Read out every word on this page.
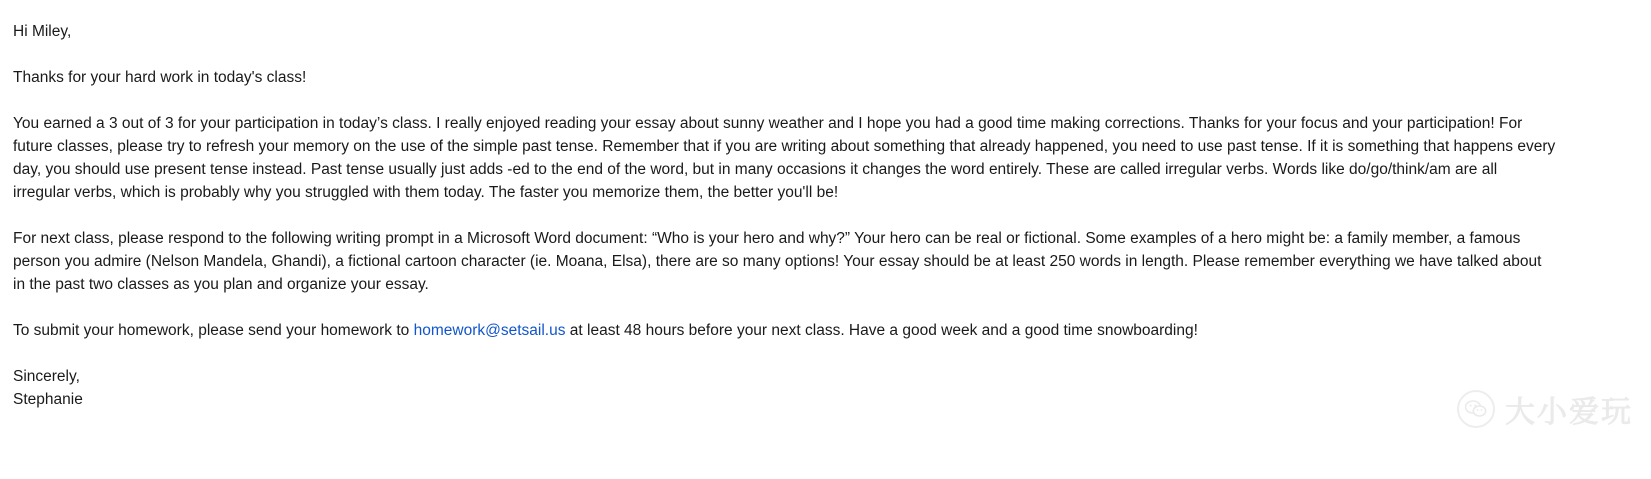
Hi Miley,

Thanks for your hard work in today's class!

You earned a 3 out of 3 for your participation in today’s class. I really enjoyed reading your essay about sunny weather and I hope you had a good time making corrections. Thanks for your focus and your participation! For future classes, please try to refresh your memory on the use of the simple past tense. Remember that if you are writing about something that already happened, you need to use past tense. If it is something that happens every day, you should use present tense instead. Past tense usually just adds -ed to the end of the word, but in many occasions it changes the word entirely. These are called irregular verbs. Words like do/go/think/am are all irregular verbs, which is probably why you struggled with them today. The faster you memorize them, the better you'll be!

For next class, please respond to the following writing prompt in a Microsoft Word document: “Who is your hero and why?” Your hero can be real or fictional. Some examples of a hero might be: a family member, a famous person you admire (Nelson Mandela, Ghandi), a fictional cartoon character (ie. Moana, Elsa), there are so many options! Your essay should be at least 250 words in length. Please remember everything we have talked about in the past two classes as you plan and organize your essay.

To submit your homework, please send your homework to homework@setsail.us at least 48 hours before your next class. Have a good week and a good time snowboarding!

Sincerely,
Stephanie	大小爱玩
